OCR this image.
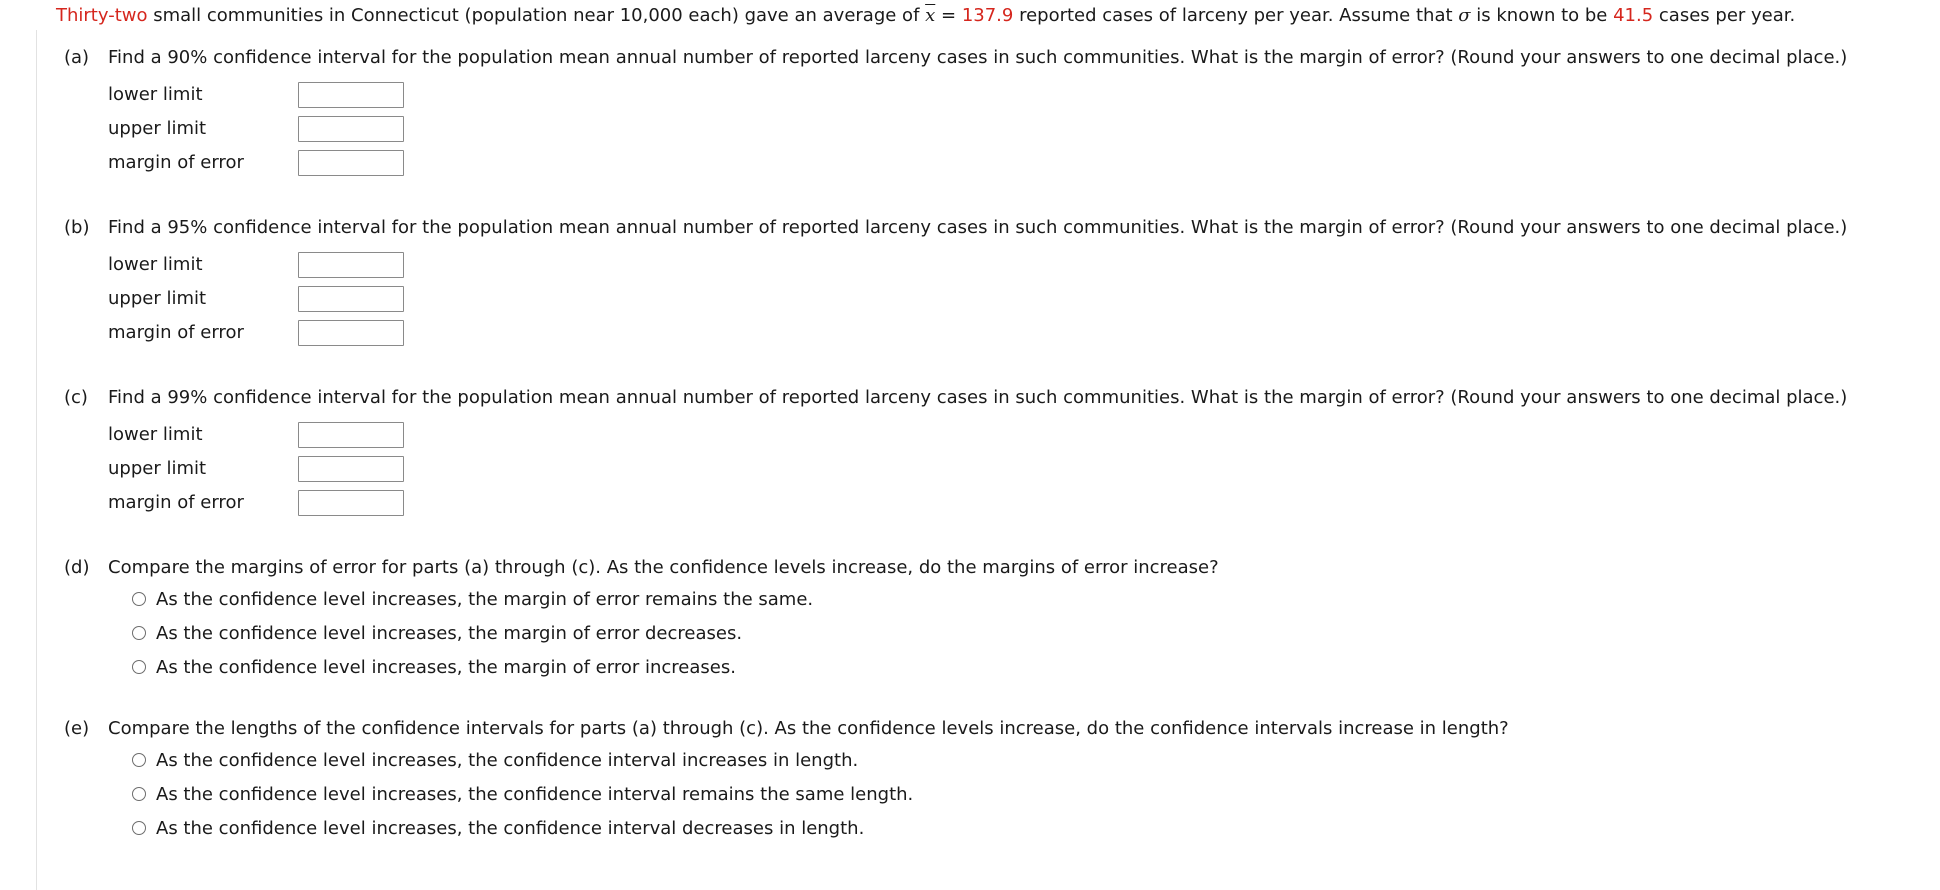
Thirty-two small communities in Connecticut (population near 10,000 each) gave an average of $\overline{x} = 137.9$ reported cases of larceny per year. Assume that σ is known to be 41.5 cases per year.
(a)	Find a 90% confidence interval for the population mean annual number of reported larceny cases in such communities. What is the margin of error? (Round your answers to one decimal place.)
lower limit
upper limit
margin of error
(b)	Find a 95% confidence interval for the population mean annual number of reported larceny cases in such communities. What is the margin of error? (Round your answers to one decimal place.)
lower limit
upper limit
margin of error
(c)	Find a 99% confidence interval for the population mean annual number of reported larceny cases in such communities. What is the margin of error? (Round your answers to one decimal place.)
lower limit
upper limit
margin of error
(d)	Compare the margins of error for parts (a) through (c). As the confidence levels increase, do the margins of error increase?
As the confidence level increases, the margin of error remains the same.
As the confidence level increases, the margin of error decreases.
As the confidence level increases, the margin of error increases.
(e)	Compare the lengths of the confidence intervals for parts (a) through (c). As the confidence levels increase, do the confidence intervals increase in length?
As the confidence level increases, the confidence interval increases in length.
As the confidence level increases, the confidence interval remains the same length.
As the confidence level increases, the confidence interval decreases in length.
